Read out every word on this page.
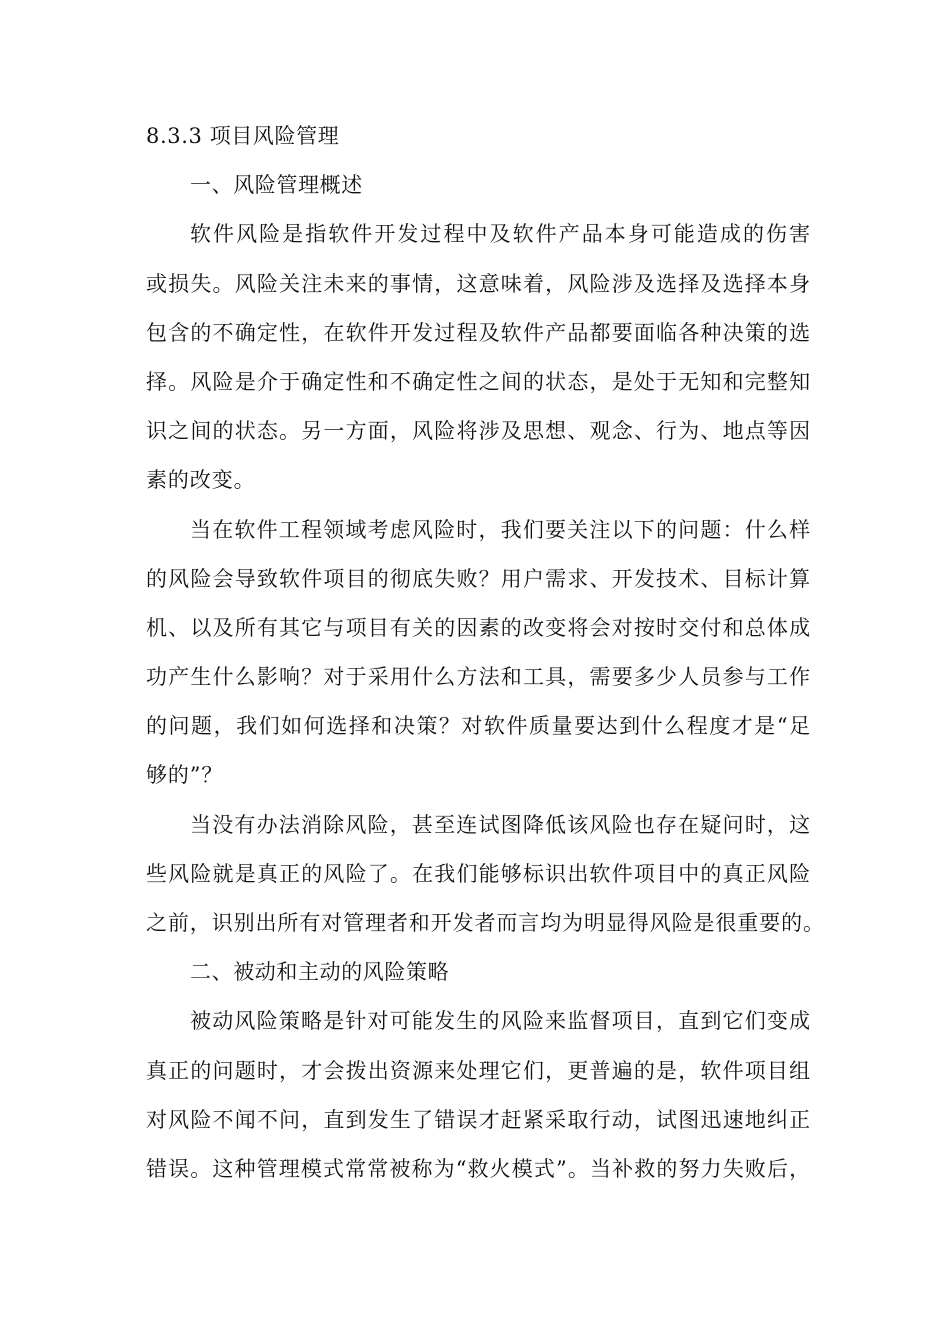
8.3.3 项目风险管理
一、风险管理概述
软件风险是指软件开发过程中及软件产品本身可能造成的伤害
或损失。风险关注未来的事情，这意味着，风险涉及选择及选择本身
包含的不确定性，在软件开发过程及软件产品都要面临各种决策的选
择。风险是介于确定性和不确定性之间的状态，是处于无知和完整知
识之间的状态。另一方面，风险将涉及思想、观念、行为、地点等因
素的改变。
当在软件工程领域考虑风险时，我们要关注以下的问题：什么样
的风险会导致软件项目的彻底失败？用户需求、开发技术、目标计算
机、以及所有其它与项目有关的因素的改变将会对按时交付和总体成
功产生什么影响？对于采用什么方法和工具，需要多少人员参与工作
的问题，我们如何选择和决策？对软件质量要达到什么程度才是“足
够的”？
当没有办法消除风险，甚至连试图降低该风险也存在疑问时，这
些风险就是真正的风险了。在我们能够标识出软件项目中的真正风险
之前，识别出所有对管理者和开发者而言均为明显得风险是很重要的。
二、被动和主动的风险策略
被动风险策略是针对可能发生的风险来监督项目，直到它们变成
真正的问题时，才会拨出资源来处理它们，更普遍的是，软件项目组
对风险不闻不问，直到发生了错误才赶紧采取行动，试图迅速地纠正
错误。这种管理模式常常被称为“救火模式”。当补救的努力失败后，
